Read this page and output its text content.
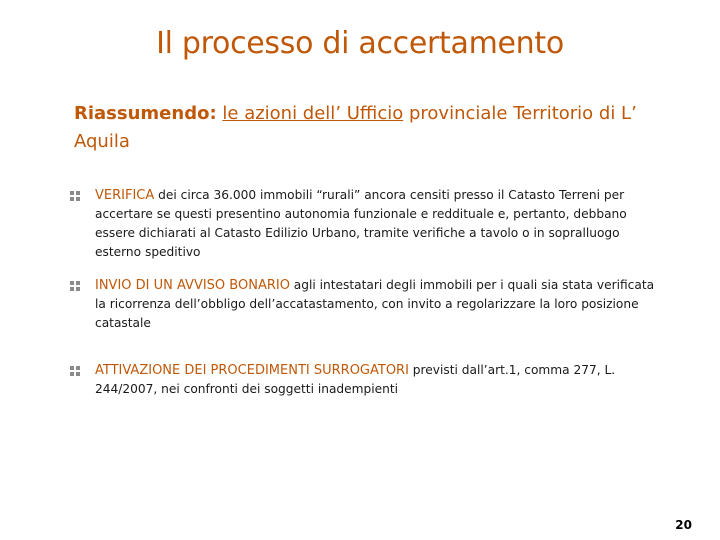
Il processo di accertamento
Riassumendo: le azioni dell’ Ufficio provinciale Territorio di L’ Aquila
VERIFICA dei circa 36.000 immobili “rurali” ancora censiti presso il Catasto Terreni per accertare se questi presentino autonomia funzionale e reddituale e, pertanto, debbano essere dichiarati al Catasto Edilizio Urbano, tramite verifiche a tavolo o in sopralluogo esterno speditivo
INVIO DI UN AVVISO BONARIO agli intestatari degli immobili per i quali sia stata verificata la ricorrenza dell’obbligo dell’accatastamento, con invito a regolarizzare la loro posizione catastale
ATTIVAZIONE DEI PROCEDIMENTI SURROGATORI previsti dall’art.1, comma 277, L. 244/2007, nei confronti dei soggetti inadempienti
20
